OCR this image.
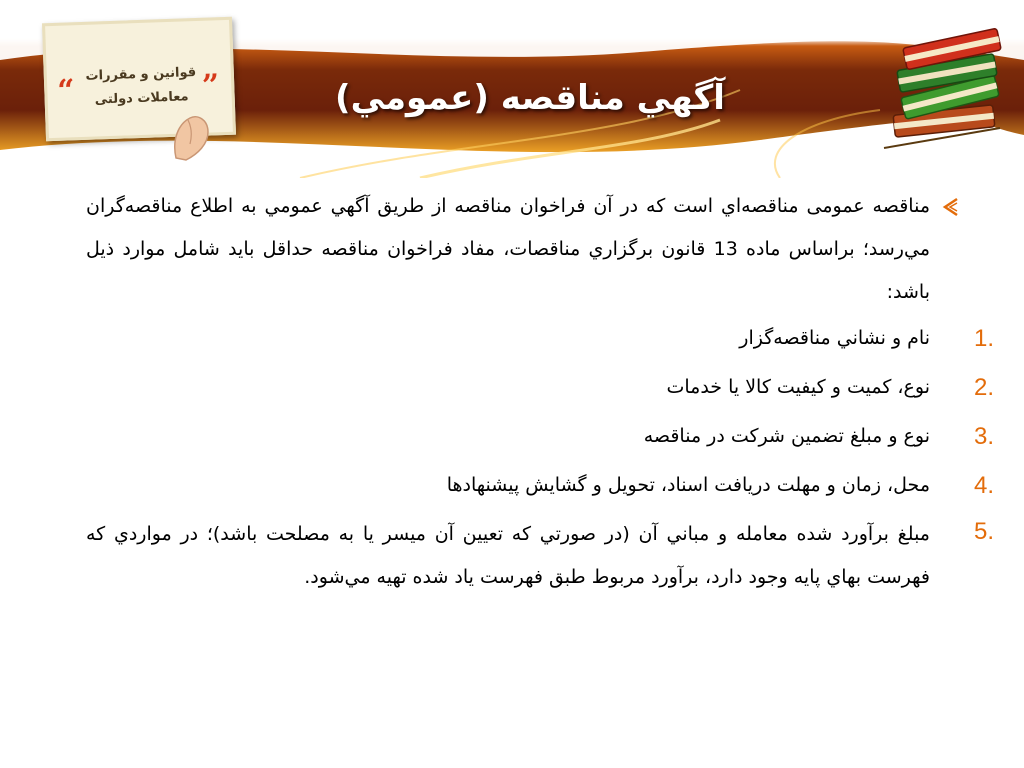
آگهي مناقصه (عمومي)
“	”
قوانين و مقررات
معاملات دولتی

مناقصه عمومی مناقصه‌اي است که در آن فراخوان مناقصه از طريق آگهي عمومي به اطلاع مناقصه‌گران مي‌رسد؛ براساس ماده 13 قانون برگزاري مناقصات، مفاد فراخوان مناقصه حداقل بايد شامل موارد ذيل باشد:

1.
نام و نشاني مناقصه‌گزار
2.
نوع، کميت و کيفيت کالا يا خدمات
3.
نوع و مبلغ تضمين شرکت در مناقصه
4.
محل، زمان و مهلت دريافت اسناد، تحويل و گشايش پيشنهادها
5.
مبلغ برآورد شده معامله و مباني آن (در صورتي که تعيين آن ميسر يا به مصلحت باشد)؛ در مواردي که فهرست بهاي پايه وجود دارد، برآورد مربوط طبق فهرست ياد شده تهيه مي‌شود.
